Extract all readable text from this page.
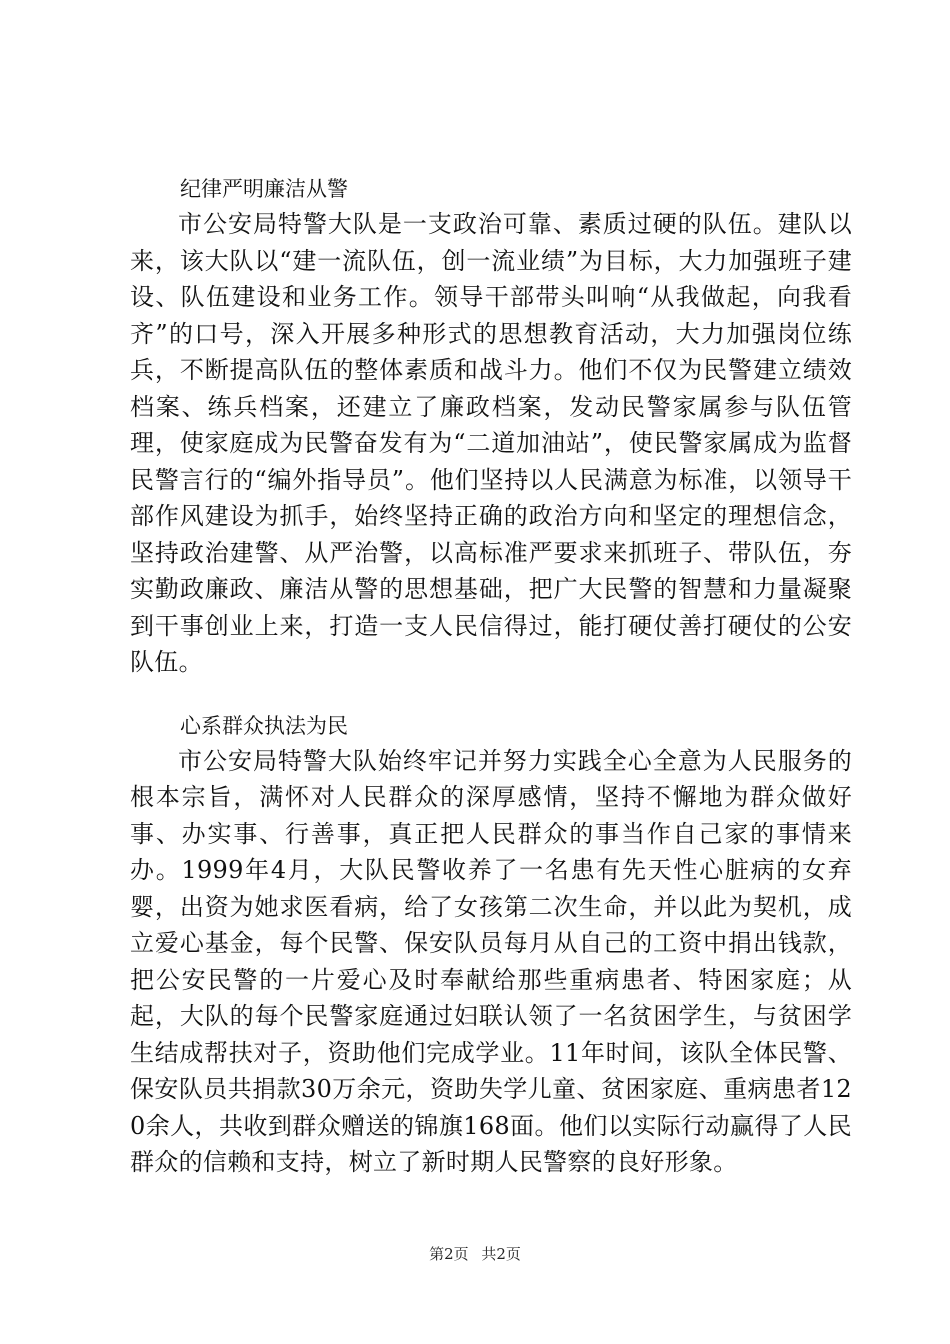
纪律严明廉洁从警

市公安局特警大队是一支政治可靠、素质过硬的队伍。建队以来，该大队以“建一流队伍，创一流业绩”为目标，大力加强班子建设、队伍建设和业务工作。领导干部带头叫响“从我做起，向我看齐”的口号，深入开展多种形式的思想教育活动，大力加强岗位练兵，不断提高队伍的整体素质和战斗力。他们不仅为民警建立绩效档案、练兵档案，还建立了廉政档案，发动民警家属参与队伍管理，使家庭成为民警奋发有为“二道加油站”，使民警家属成为监督民警言行的“编外指导员”。他们坚持以人民满意为标准，以领导干部作风建设为抓手，始终坚持正确的政治方向和坚定的理想信念，坚持政治建警、从严治警，以高标准严要求来抓班子、带队伍，夯实勤政廉政、廉洁从警的思想基础，把广大民警的智慧和力量凝聚到干事创业上来，打造一支人民信得过，能打硬仗善打硬仗的公安队伍。

心系群众执法为民

市公安局特警大队始终牢记并努力实践全心全意为人民服务的根本宗旨，满怀对人民群众的深厚感情，坚持不懈地为群众做好事、办实事、行善事，真正把人民群众的事当作自己家的事情来办。1999年4月，大队民警收养了一名患有先天性心脏病的女弃婴，出资为她求医看病，给了女孩第二次生命，并以此为契机，成立爱心基金，每个民警、保安队员每月从自己的工资中捐出钱款，把公安民警的一片爱心及时奉献给那些重病患者、特困家庭；从起，大队的每个民警家庭通过妇联认领了一名贫困学生，与贫困学生结成帮扶对子，资助他们完成学业。11年时间，该队全体民警、保安队员共捐款30万余元，资助失学儿童、贫困家庭、重病患者120余人，共收到群众赠送的锦旗168面。他们以实际行动赢得了人民群众的信赖和支持，树立了新时期人民警察的良好形象。

第2页 共2页
